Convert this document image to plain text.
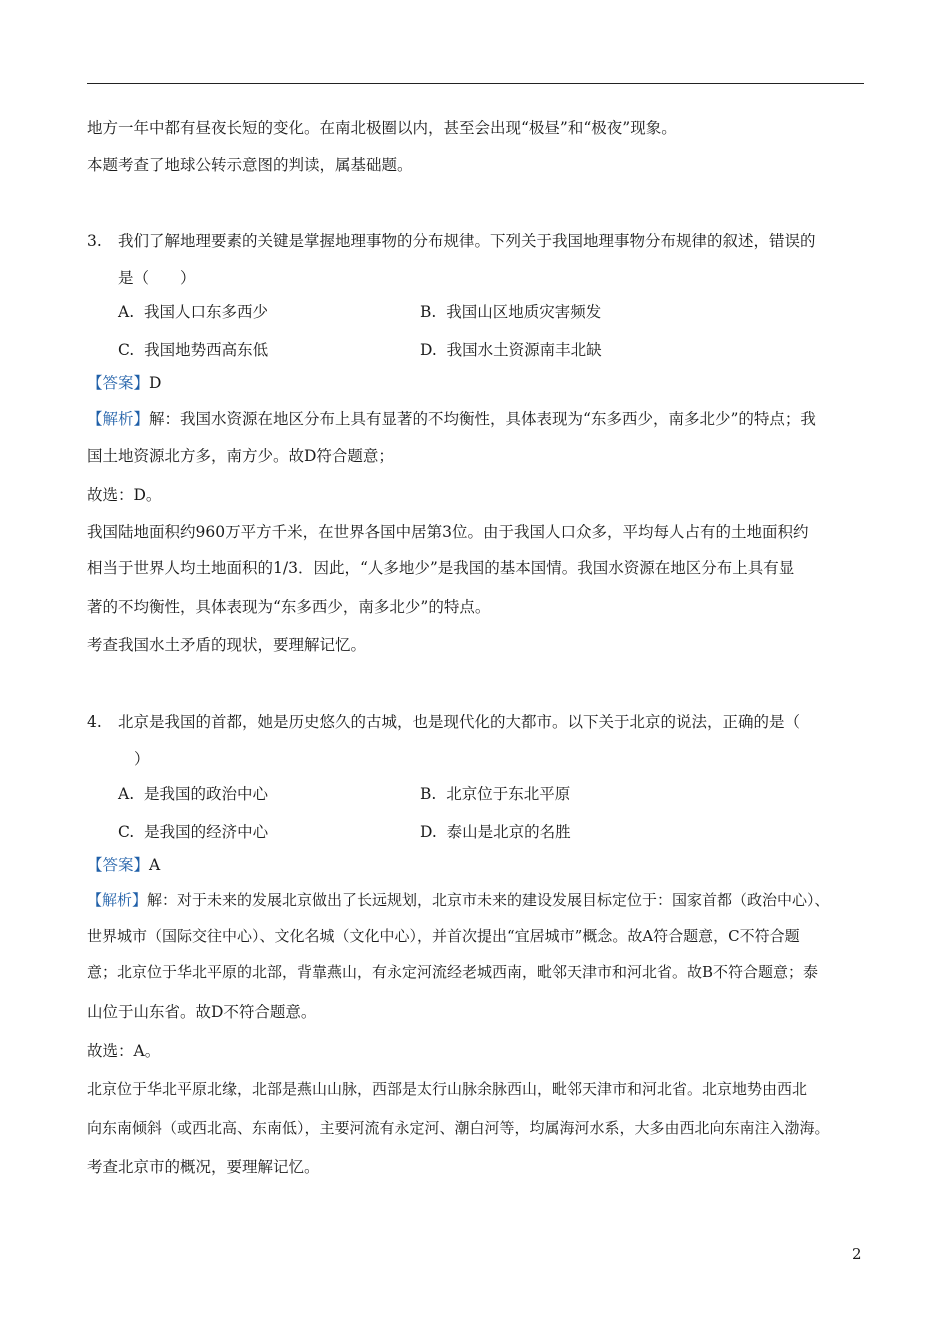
地方一年中都有昼夜长短的变化。在南北极圈以内，甚至会出现“极昼”和“极夜”现象。
本题考查了地球公转示意图的判读，属基础题。
3. 我们了解地理要素的关键是掌握地理事物的分布规律。下列关于我国地理事物分布规律的叙述，错误的
是（　　）
A. 我国人口东多西少	B. 我国山区地质灾害频发
C. 我国地势西高东低	D. 我国水土资源南丰北缺
【答案】D
【解析】解：我国水资源在地区分布上具有显著的不均衡性，具体表现为“东多西少，南多北少”的特点；我
国土地资源北方多，南方少。故D符合题意；
故选：D。
我国陆地面积约960万平方千米，在世界各国中居第3位。由于我国人口众多，平均每人占有的土地面积约
相当于世界人均土地面积的1/3．因此，“人多地少”是我国的基本国情。我国水资源在地区分布上具有显
著的不均衡性，具体表现为“东多西少，南多北少”的特点。
考查我国水土矛盾的现状，要理解记忆。
4. 北京是我国的首都，她是历史悠久的古城，也是现代化的大都市。以下关于北京的说法，正确的是（
）
A. 是我国的政治中心	B. 北京位于东北平原
C. 是我国的经济中心	D. 泰山是北京的名胜
【答案】A
【解析】解：对于未来的发展北京做出了长远规划，北京市未来的建设发展目标定位于：国家首都（政治中心）、
世界城市（国际交往中心）、文化名城（文化中心），并首次提出“宜居城市”概念。故A符合题意，C不符合题
意；北京位于华北平原的北部，背靠燕山，有永定河流经老城西南，毗邻天津市和河北省。故B不符合题意；泰
山位于山东省。故D不符合题意。
故选：A。
北京位于华北平原北缘，北部是燕山山脉，西部是太行山脉余脉西山，毗邻天津市和河北省。北京地势由西北
向东南倾斜（或西北高、东南低），主要河流有永定河、潮白河等，均属海河水系，大多由西北向东南注入渤海。
考查北京市的概况，要理解记忆。
2
